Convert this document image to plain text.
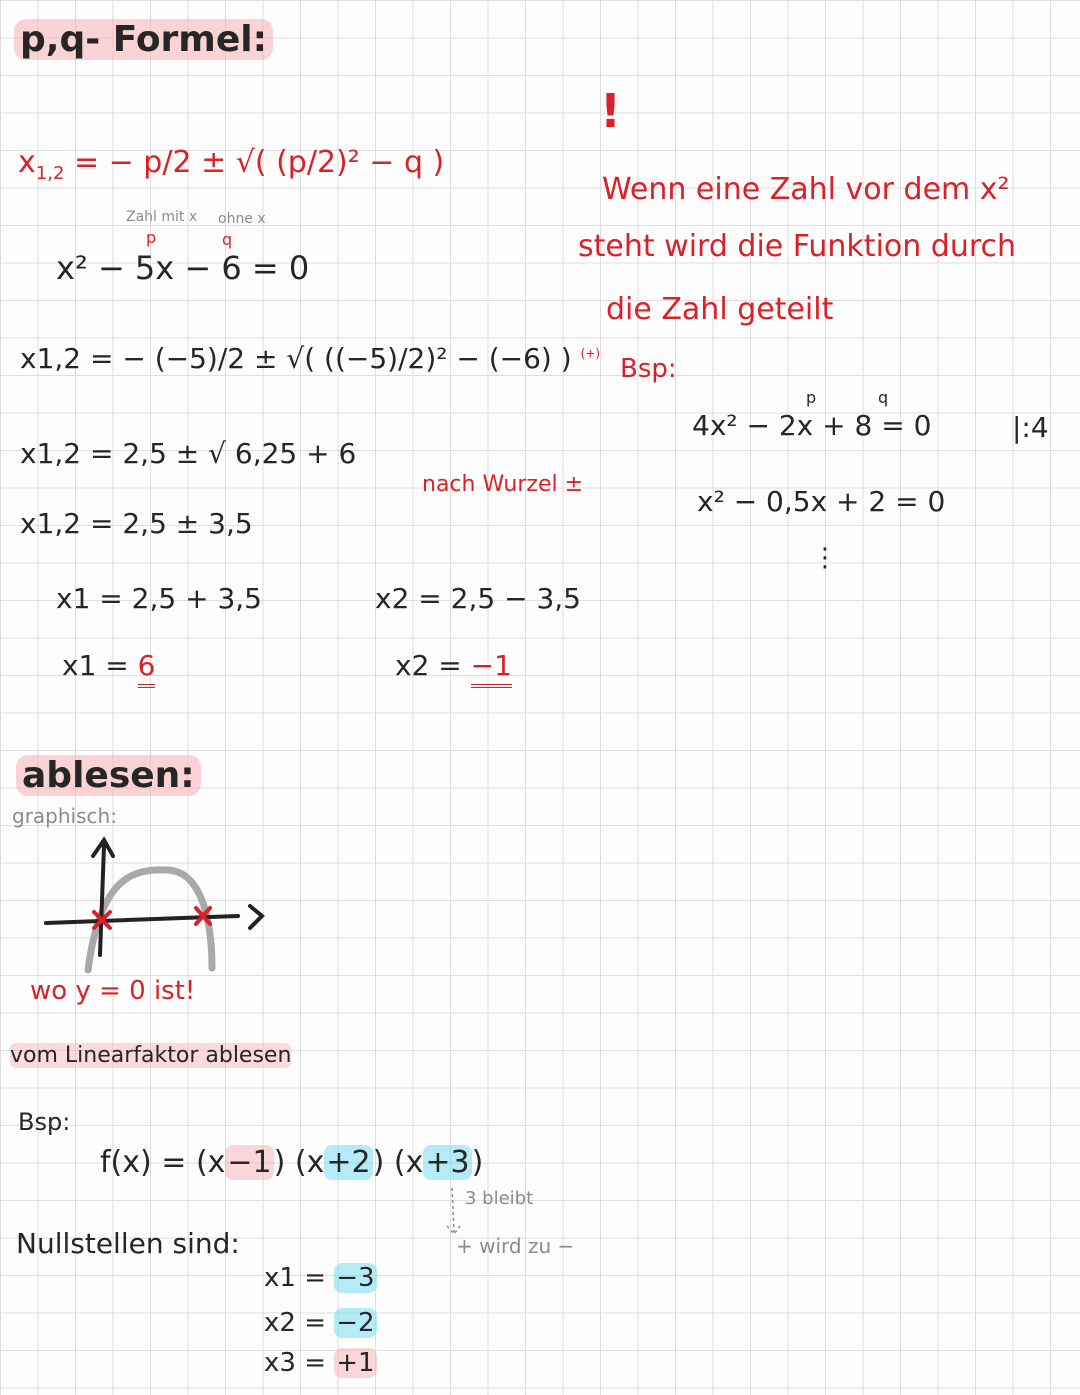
p,q- Formel:
$x_{1,2}$ = − p/2 ± √( (p/2)² − q )
Zahl mit x ohne x
p	q
x² − 5x − 6 = 0
x1,2 = − (−5)/2 ± √( ((−5)/2)² − (−6) ) (+)
x1,2 = 2,5 ± √ 6,25 + 6
nach Wurzel ±
x1,2 = 2,5 ± 3,5
x1 = 2,5 + 3,5	x2 = 2,5 − 3,5
x1 = 6	x2 = −1
!
Wenn eine Zahl vor dem x²
steht wird die Funktion durch
die Zahl geteilt
Bsp:
p	q
4x² − 2x + 8 = 0	|:4
x² − 0,5x + 2 = 0
⋮
ablesen:
graphisch:
wo y = 0 ist!
vom Linearfaktor ablesen
Bsp:
f(x) = (x−1) (x+2) (x+3)
3 bleibt
+ wird zu −
Nullstellen sind:
x1 = −3
x2 = −2
x3 = +1
